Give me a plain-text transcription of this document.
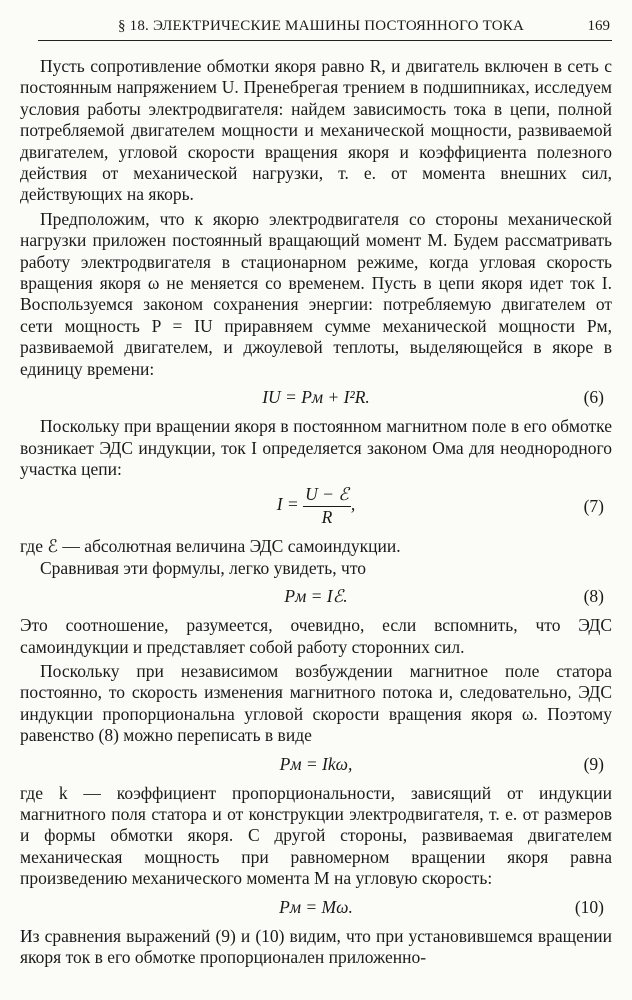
§ 18. ЭЛЕКТРИЧЕСКИЕ МАШИНЫ ПОСТОЯННОГО ТОКА	169

Пусть сопротивление обмотки якоря равно R, и двигатель включен в сеть с постоянным напряжением U. Пренебрегая трением в подшипниках, исследуем условия работы электродвигателя: найдем зависимость тока в цепи, полной потребляемой двигателем мощности и механической мощности, развиваемой двигателем, угловой скорости вращения якоря и коэффициента полезного действия от механической нагрузки, т. е. от момента внешних сил, действующих на якорь.

Предположим, что к якорю электродвигателя со стороны механической нагрузки приложен постоянный вращающий момент M. Будем рассматривать работу электродвигателя в стационарном режиме, когда угловая скорость вращения якоря ω не меняется со временем. Пусть в цепи якоря идет ток I. Воспользуемся законом сохранения энергии: потребляемую двигателем от сети мощность P = IU приравняем сумме механической мощности Pм, развиваемой двигателем, и джоулевой теплоты, выделяющейся в якоре в единицу времени:

IU = Pм + I²R.	(6)

Поскольку при вращении якоря в постоянном магнитном поле в его обмотке возникает ЭДС индукции, ток I определяется законом Ома для неоднородного участка цепи:

$I = \frac{\text{U − ℰ}}{R}$ ,	(7)

где ℰ — абсолютная величина ЭДС самоиндукции.

Сравнивая эти формулы, легко увидеть, что

Pм = Iℰ.	(8)

Это соотношение, разумеется, очевидно, если вспомнить, что ЭДС самоиндукции и представляет собой работу сторонних сил.

Поскольку при независимом возбуждении магнитное поле статора постоянно, то скорость изменения магнитного потока и, следовательно, ЭДС индукции пропорциональна угловой скорости вращения якоря ω. Поэтому равенство (8) можно переписать в виде

Pм = Ikω,	(9)

где k — коэффициент пропорциональности, зависящий от индукции магнитного поля статора и от конструкции электродвигателя, т. е. от размеров и формы обмотки якоря. С другой стороны, развиваемая двигателем механическая мощность при равномерном вращении якоря равна произведению механического момента M на угловую скорость:

Pм = Mω.	(10)

Из сравнения выражений (9) и (10) видим, что при установившемся вращении якоря ток в его обмотке пропорционален приложенно-
